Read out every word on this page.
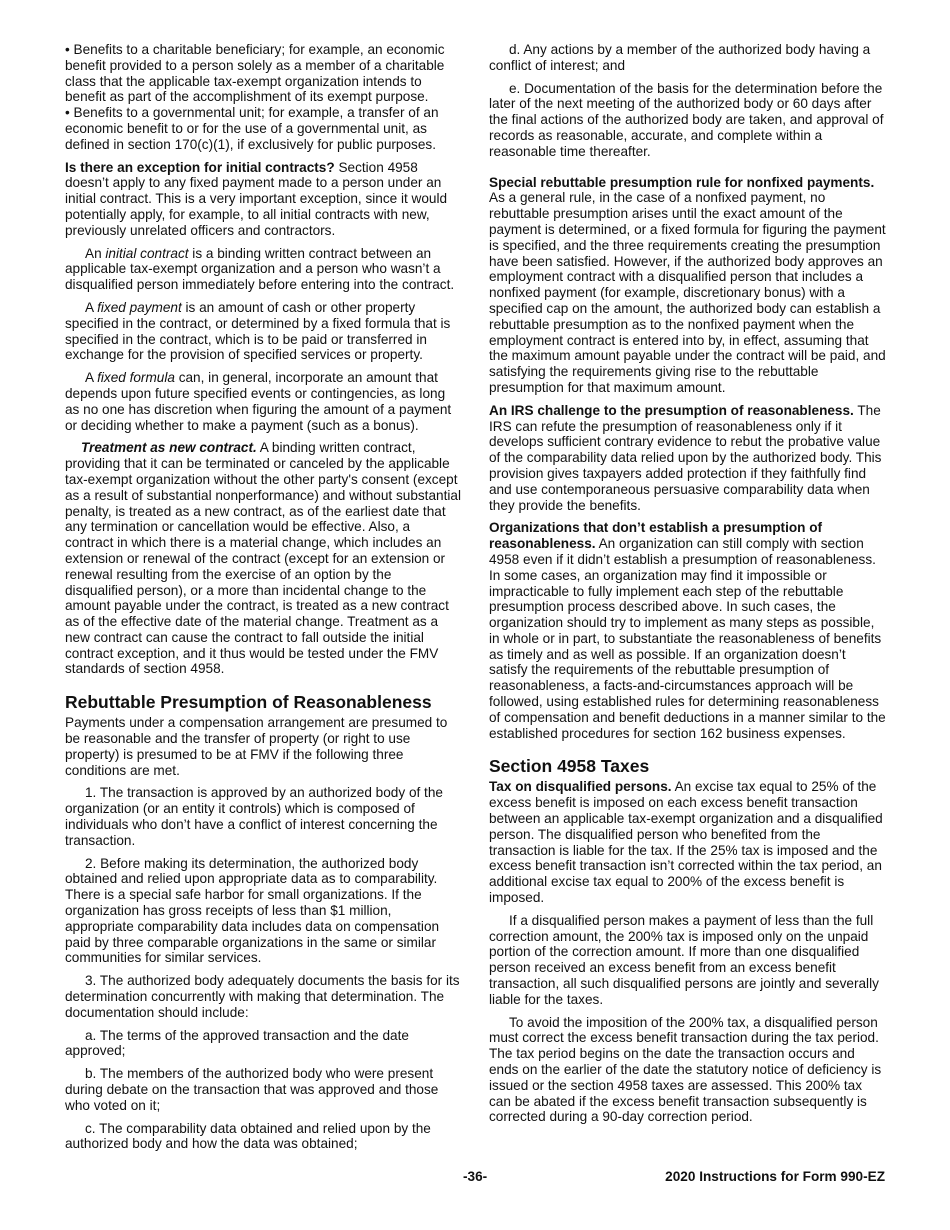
• Benefits to a charitable beneficiary; for example, an economic benefit provided to a person solely as a member of a charitable class that the applicable tax-exempt organization intends to benefit as part of the accomplishment of its exempt purpose.

• Benefits to a governmental unit; for example, a transfer of an economic benefit to or for the use of a governmental unit, as defined in section 170(c)(1), if exclusively for public purposes.

Is there an exception for initial contracts? Section 4958 doesn’t apply to any fixed payment made to a person under an initial contract. This is a very important exception, since it would potentially apply, for example, to all initial contracts with new, previously unrelated officers and contractors.

An initial contract is a binding written contract between an applicable tax-exempt organization and a person who wasn’t a disqualified person immediately before entering into the contract.

A fixed payment is an amount of cash or other property specified in the contract, or determined by a fixed formula that is specified in the contract, which is to be paid or transferred in exchange for the provision of specified services or property.

A fixed formula can, in general, incorporate an amount that depends upon future specified events or contingencies, as long as no one has discretion when figuring the amount of a payment or deciding whether to make a payment (such as a bonus).

Treatment as new contract. A binding written contract, providing that it can be terminated or canceled by the applicable tax-exempt organization without the other party's consent (except as a result of substantial nonperformance) and without substantial penalty, is treated as a new contract, as of the earliest date that any termination or cancellation would be effective. Also, a contract in which there is a material change, which includes an extension or renewal of the contract (except for an extension or renewal resulting from the exercise of an option by the disqualified person), or a more than incidental change to the amount payable under the contract, is treated as a new contract as of the effective date of the material change. Treatment as a new contract can cause the contract to fall outside the initial contract exception, and it thus would be tested under the FMV standards of section 4958.

Rebuttable Presumption of Reasonableness

Payments under a compensation arrangement are presumed to be reasonable and the transfer of property (or right to use property) is presumed to be at FMV if the following three conditions are met.

1. The transaction is approved by an authorized body of the organization (or an entity it controls) which is composed of individuals who don’t have a conflict of interest concerning the transaction.

2. Before making its determination, the authorized body obtained and relied upon appropriate data as to comparability. There is a special safe harbor for small organizations. If the organization has gross receipts of less than $1 million, appropriate comparability data includes data on compensation paid by three comparable organizations in the same or similar communities for similar services.

3. The authorized body adequately documents the basis for its determination concurrently with making that determination. The documentation should include:

a. The terms of the approved transaction and the date approved;

b. The members of the authorized body who were present during debate on the transaction that was approved and those who voted on it;

c. The comparability data obtained and relied upon by the authorized body and how the data was obtained;

d. Any actions by a member of the authorized body having a conflict of interest; and

e. Documentation of the basis for the determination before the later of the next meeting of the authorized body or 60 days after the final actions of the authorized body are taken, and approval of records as reasonable, accurate, and complete within a reasonable time thereafter.

Special rebuttable presumption rule for nonfixed payments. As a general rule, in the case of a nonfixed payment, no rebuttable presumption arises until the exact amount of the payment is determined, or a fixed formula for figuring the payment is specified, and the three requirements creating the presumption have been satisfied. However, if the authorized body approves an employment contract with a disqualified person that includes a nonfixed payment (for example, discretionary bonus) with a specified cap on the amount, the authorized body can establish a rebuttable presumption as to the nonfixed payment when the employment contract is entered into by, in effect, assuming that the maximum amount payable under the contract will be paid, and satisfying the requirements giving rise to the rebuttable presumption for that maximum amount.

An IRS challenge to the presumption of reasonableness. The IRS can refute the presumption of reasonableness only if it develops sufficient contrary evidence to rebut the probative value of the comparability data relied upon by the authorized body. This provision gives taxpayers added protection if they faithfully find and use contemporaneous persuasive comparability data when they provide the benefits.

Organizations that don’t establish a presumption of reasonableness. An organization can still comply with section 4958 even if it didn’t establish a presumption of reasonableness. In some cases, an organization may find it impossible or impracticable to fully implement each step of the rebuttable presumption process described above. In such cases, the organization should try to implement as many steps as possible, in whole or in part, to substantiate the reasonableness of benefits as timely and as well as possible. If an organization doesn’t satisfy the requirements of the rebuttable presumption of reasonableness, a facts-and-circumstances approach will be followed, using established rules for determining reasonableness of compensation and benefit deductions in a manner similar to the established procedures for section 162 business expenses.

Section 4958 Taxes

Tax on disqualified persons. An excise tax equal to 25% of the excess benefit is imposed on each excess benefit transaction between an applicable tax-exempt organization and a disqualified person. The disqualified person who benefited from the transaction is liable for the tax. If the 25% tax is imposed and the excess benefit transaction isn’t corrected within the tax period, an additional excise tax equal to 200% of the excess benefit is imposed.

If a disqualified person makes a payment of less than the full correction amount, the 200% tax is imposed only on the unpaid portion of the correction amount. If more than one disqualified person received an excess benefit from an excess benefit transaction, all such disqualified persons are jointly and severally liable for the taxes.

To avoid the imposition of the 200% tax, a disqualified person must correct the excess benefit transaction during the tax period. The tax period begins on the date the transaction occurs and ends on the earlier of the date the statutory notice of deficiency is issued or the section 4958 taxes are assessed. This 200% tax can be abated if the excess benefit transaction subsequently is corrected during a 90-day correction period.

-36-	2020 Instructions for Form 990-EZ
